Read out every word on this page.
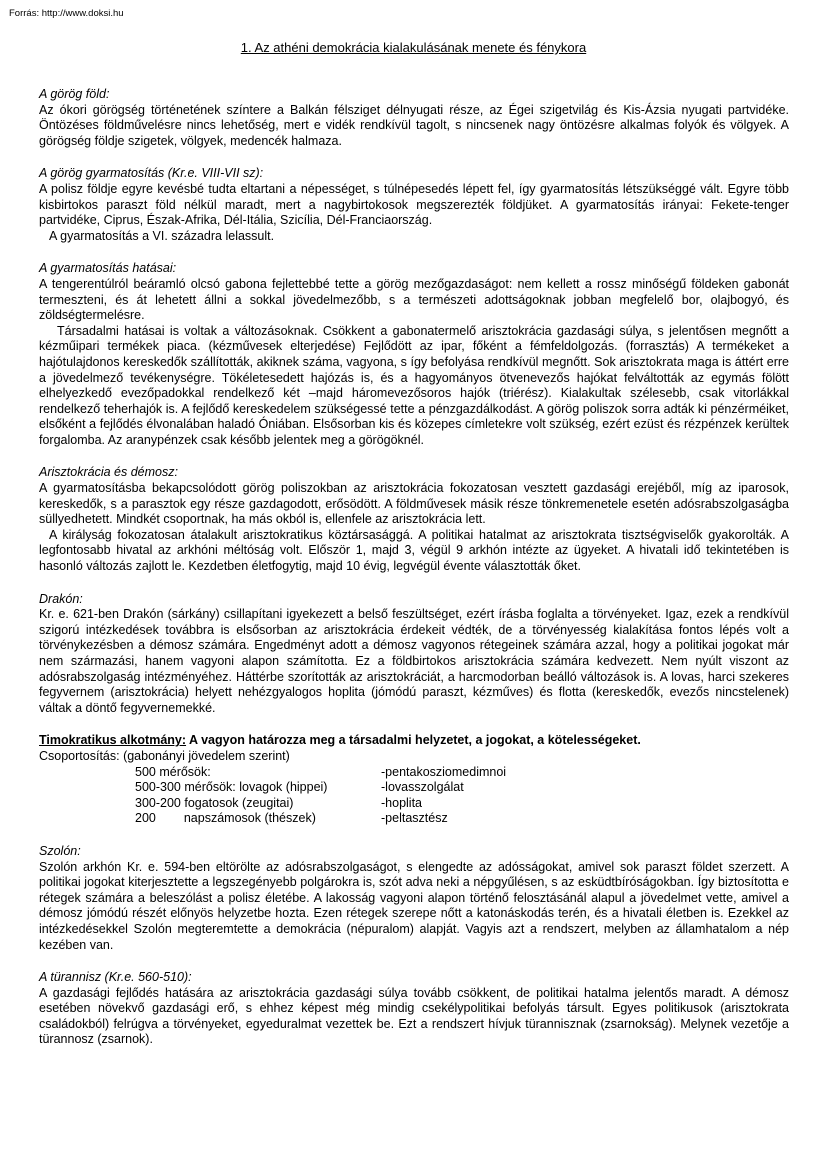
Forrás: http://www.doksi.hu
1. Az athéni demokrácia kialakulásának menete és fénykora

A görög föld:

Az ókori görögség történetének színtere a Balkán félsziget délnyugati része, az Égei szigetvilág és Kis-Ázsia nyugati partvidéke. Öntözéses földművelésre nincs lehetőség, mert e vidék rendkívül tagolt, s nincsenek nagy öntözésre alkalmas folyók és völgyek. A görögség földje szigetek, völgyek, medencék halmaza.

A görög gyarmatosítás (Kr.e. VIII-VII sz):

A polisz földje egyre kevésbé tudta eltartani a népességet, s túlnépesedés lépett fel, így gyarmatosítás létszükséggé vált. Egyre több kisbirtokos paraszt föld nélkül maradt, mert a nagybirtokosok megszerezték földjüket. A gyarmatosítás irányai: Fekete-tenger partvidéke, Ciprus, Észak-Afrika, Dél-Itália, Szicília, Dél-Franciaország.

A gyarmatosítás a VI. századra lelassult.

A gyarmatosítás hatásai:

A tengerentúlról beáramló olcsó gabona fejlettebbé tette a görög mezőgazdaságot: nem kellett a rossz minőségű földeken gabonát termeszteni, és át lehetett állni a sokkal jövedelmezőbb, s a természeti adottságoknak jobban megfelelő bor, olajbogyó, és zöldségtermelésre.

Társadalmi hatásai is voltak a változásoknak. Csökkent a gabonatermelő arisztokrácia gazdasági súlya, s jelentősen megnőtt a kézműipari termékek piaca. (kézművesek elterjedése) Fejlődött az ipar, főként a fémfeldolgozás. (forrasztás) A termékeket a hajótulajdonos kereskedők szállították, akiknek száma, vagyona, s így befolyása rendkívül megnőtt. Sok arisztokrata maga is áttért erre a jövedelmező tevékenységre. Tökéletesedett hajózás is, és a hagyományos ötvenevezős hajókat felváltották az egymás fölött elhelyezkedő evezőpadokkal rendelkező két –majd háromevezősoros hajók (triérész). Kialakultak szélesebb, csak vitorlákkal rendelkező teherhajók is. A fejlődő kereskedelem szükségessé tette a pénzgazdálkodást. A görög poliszok sorra adták ki pénzérméiket, elsőként a fejlődés élvonalában haladó Óniában. Elsősorban kis és közepes címletekre volt szükség, ezért ezüst és rézpénzek kerültek forgalomba. Az aranypénzek csak később jelentek meg a görögöknél.

Arisztokrácia és démosz:

A gyarmatosításba bekapcsolódott görög poliszokban az arisztokrácia fokozatosan vesztett gazdasági erejéből, míg az iparosok, kereskedők, s a parasztok egy része gazdagodott, erősödött. A földművesek másik része tönkremenetele esetén adósrabszolgaságba süllyedhetett. Mindkét csoportnak, ha más okból is, ellenfele az arisztokrácia lett.

A királyság fokozatosan átalakult arisztokratikus köztársasággá. A politikai hatalmat az arisztokrata tisztségviselők gyakorolták. A legfontosabb hivatal az arkhóni méltóság volt. Először 1, majd 3, végül 9 arkhón intézte az ügyeket. A hivatali idő tekintetében is hasonló változás zajlott le. Kezdetben életfogytig, majd 10 évig, legvégül évente választották őket.

Drakón:

Kr. e. 621-ben Drakón (sárkány) csillapítani igyekezett a belső feszültséget, ezért írásba foglalta a törvényeket. Igaz, ezek a rendkívül szigorú intézkedések továbbra is elsősorban az arisztokrácia érdekeit védték, de a törvényesség kialakítása fontos lépés volt a törvénykezésben a démosz számára. Engedményt adott a démosz vagyonos rétegeinek számára azzal, hogy a politikai jogokat már nem származási, hanem vagyoni alapon számította. Ez a földbirtokos arisztokrácia számára kedvezett. Nem nyúlt viszont az adósrabszolgaság intézményéhez. Háttérbe szorították az arisztokráciát, a harcmodorban beálló változások is. A lovas, harci szekeres fegyvernem (arisztokrácia) helyett nehézgyalogos hoplita (jómódú paraszt, kézműves) és flotta (kereskedők, evezős nincstelenek) váltak a döntő fegyvernemekké.

Timokratikus alkotmány: A vagyon határozza meg a társadalmi helyzetet, a jogokat, a kötelességeket.

Csoportosítás: (gabonányi jövedelem szerint)

500 mérősök:	-pentakosziomedimnoi
500-300 mérősök: lovagok (hippei)	-lovasszolgálat
300-200 fogatosok (zeugitai)	-hoplita
200 napszámosok (thészek)	-peltasztész

Szolón:

Szolón arkhón Kr. e. 594-ben eltörölte az adósrabszolgaságot, s elengedte az adósságokat, amivel sok paraszt földet szerzett. A politikai jogokat kiterjesztette a legszegényebb polgárokra is, szót adva neki a népgyűlésen, s az esküdtbíróságokban. Így biztosította e rétegek számára a beleszólást a polisz életébe. A lakosság vagyoni alapon történő felosztásánál alapul a jövedelmet vette, amivel a démosz jómódú részét előnyös helyzetbe hozta. Ezen rétegek szerepe nőtt a katonáskodás terén, és a hivatali életben is. Ezekkel az intézkedésekkel Szolón megteremtette a demokrácia (népuralom) alapját. Vagyis azt a rendszert, melyben az államhatalom a nép kezében van.

A türannisz (Kr.e. 560-510):

A gazdasági fejlődés hatására az arisztokrácia gazdasági súlya tovább csökkent, de politikai hatalma jelentős maradt. A démosz esetében növekvő gazdasági erő, s ehhez képest még mindig csekélypolitikai befolyás társult. Egyes politikusok (arisztokrata családokból) felrúgva a törvényeket, egyeduralmat vezettek be. Ezt a rendszert hívjuk türannisznak (zsarnokság). Melynek vezetője a türannosz (zsarnok).
